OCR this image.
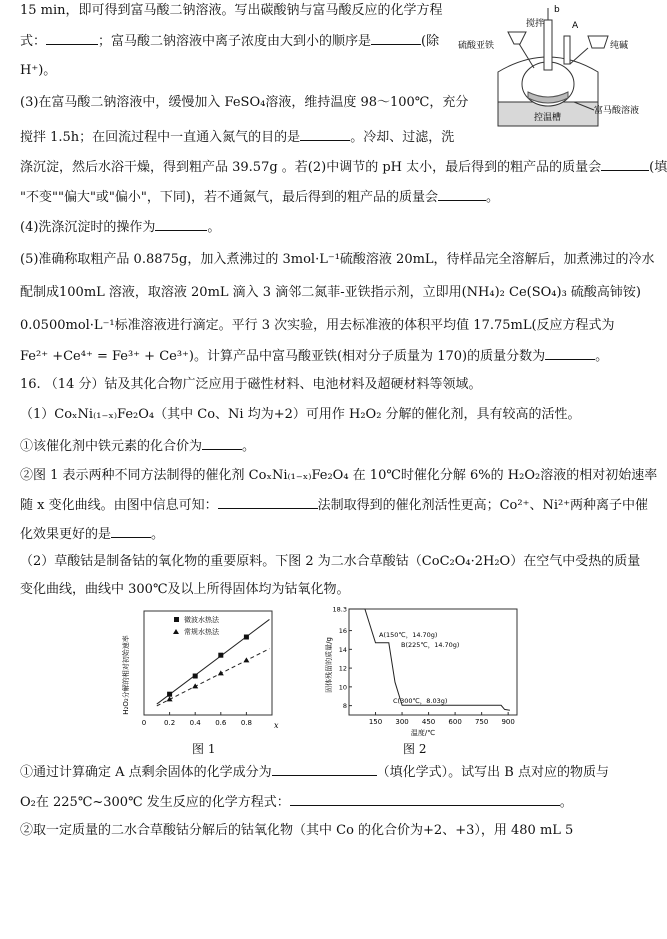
15 min，即可得到富马酸二钠溶液。写出碳酸钠与富马酸反应的化学方程
式：	；富马酸二钠溶液中离子浓度由大到小的顺序是	(除
H⁺)。
(3)在富马酸二钠溶液中，缓慢加入 FeSO₄溶液，维持温度 98～100℃，充分
搅拌 1.5h；在回流过程中一直通入氮气的目的是	。冷却、过滤，洗
涤沉淀，然后水浴干燥，得到粗产品 39.57g 。若(2)中调节的 pH 太小，最后得到的粗产品的质量会	(填
"不变""偏大"或"偏小"，下同)，若不通氮气，最后得到的粗产品的质量会	。
(4)洗涤沉淀时的操作为	。
(5)准确称取粗产品 0.8875g，加入煮沸过的 3mol·L⁻¹硫酸溶液 20mL，待样品完全溶解后，加煮沸过的冷水
配制成100mL 溶液，取溶液 20mL 滴入 3 滴邻二氮菲-亚铁指示剂，立即用(NH₄)₂ Ce(SO₄)₃ 硫酸高铈铵)
0.0500mol·L⁻¹标准溶液进行滴定。平行 3 次实验，用去标准液的体积平均值 17.75mL(反应方程式为
Fe²⁺ +Ce⁴⁺ = Fe³⁺ + Ce³⁺)。计算产品中富马酸亚铁(相对分子质量为 170)的质量分数为	。
16. （14 分）钴及其化合物广泛应用于磁性材料、电池材料及超硬材料等领域。
（1）CoₓNi₍₁₋ₓ₎Fe₂O₄（其中 Co、Ni 均为+2）可用作 H₂O₂ 分解的催化剂，具有较高的活性。
①该催化剂中铁元素的化合价为	。
②图 1 表示两种不同方法制得的催化剂 CoₓNi₍₁₋ₓ₎Fe₂O₄ 在 10℃时催化分解 6%的 H₂O₂溶液的相对初始速率
随 x 变化曲线。由图中信息可知：	法制取得到的催化剂活性更高；Co²⁺、Ni²⁺两种离子中催
化效果更好的是	。
（2）草酸钴是制备钴的氧化物的重要原料。下图 2 为二水合草酸钴（CoC₂O₄·2H₂O）在空气中受热的质量
变化曲线，曲线中 300℃及以上所得固体均为钴氧化物。
b
搅拌	A
硫酸亚铁	纯碱
富马酸溶液
控温槽
H₂O₂分解的相对初始速率
0	0.2 0.4 0.6 0.8	x
微波水热法
常规水热法
固体残留的质量/g
150 300 450 600 750 900
18.3
16
14
12
10
8
A(150℃，14.70g)
B(225℃，14.70g)
C(300℃，8.03g)
温度/℃
图 1	图 2
①通过计算确定 A 点剩余固体的化学成分为	（填化学式）。试写出 B 点对应的物质与
O₂在 225℃~300℃ 发生反应的化学方程式：	。
②取一定质量的二水合草酸钴分解后的钴氧化物（其中 Co 的化合价为+2、+3），用 480 mL 5
